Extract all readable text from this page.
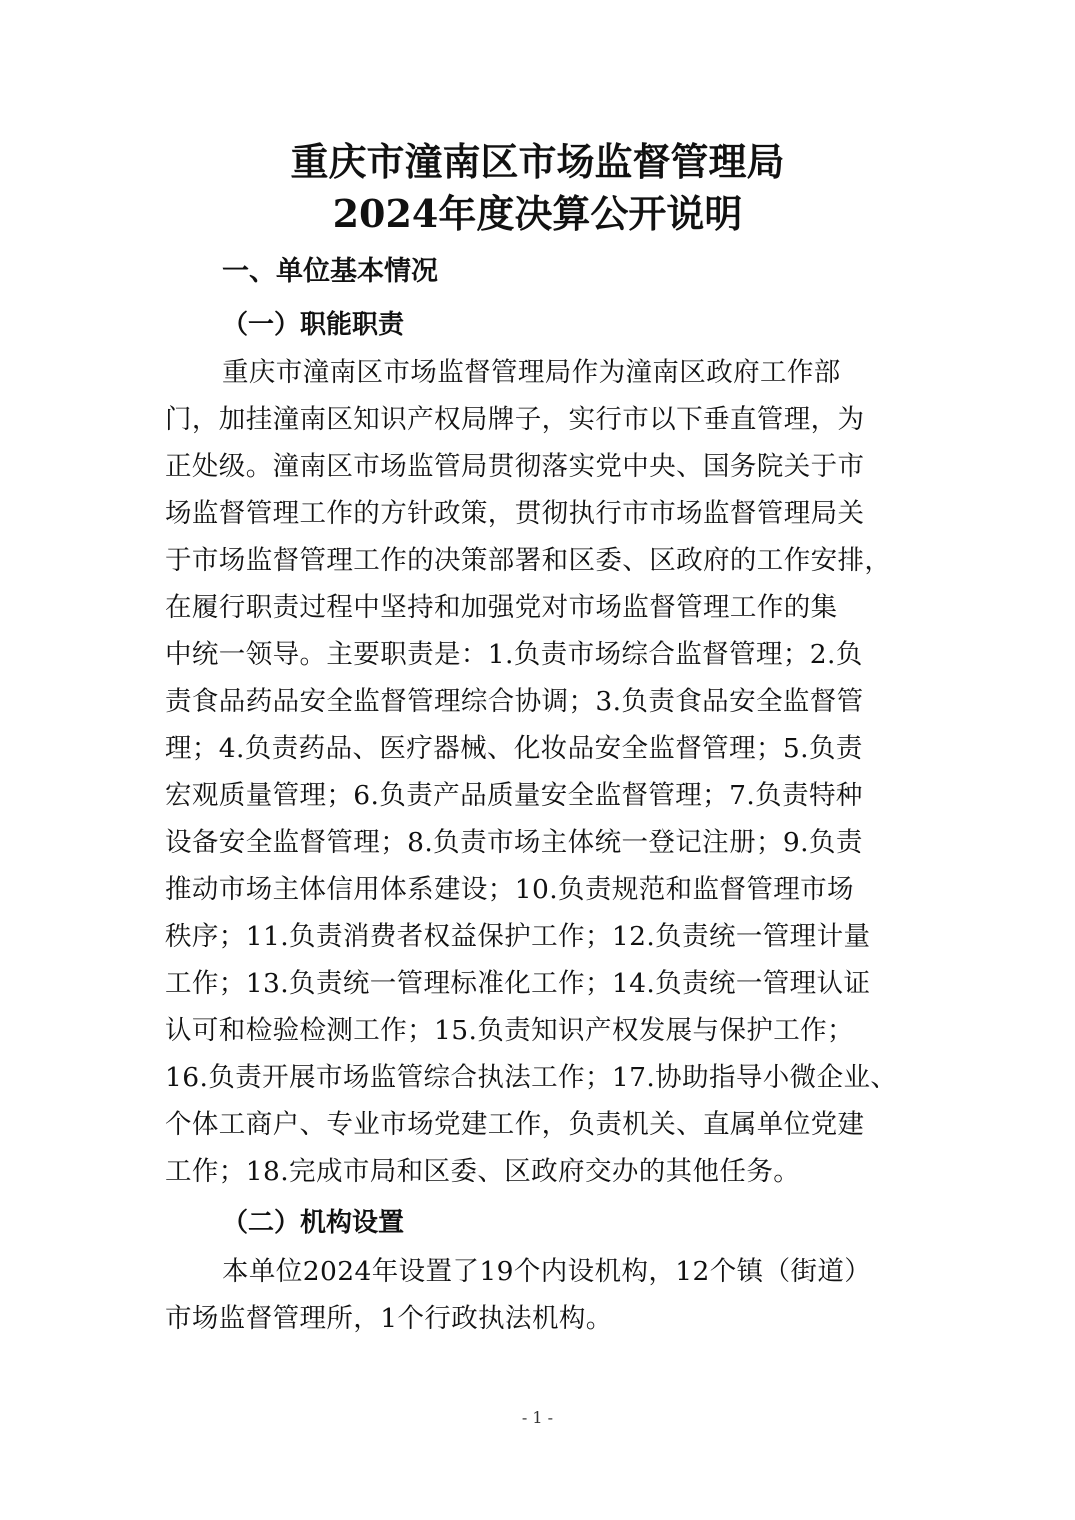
重庆市潼南区市场监督管理局
2024年度决算公开说明
一、单位基本情况
（一）职能职责
重庆市潼南区市场监督管理局作为潼南区政府工作部
门，加挂潼南区知识产权局牌子，实行市以下垂直管理，为
正处级。潼南区市场监管局贯彻落实党中央、国务院关于市
场监督管理工作的方针政策，贯彻执行市市场监督管理局关
于市场监督管理工作的决策部署和区委、区政府的工作安排，
在履行职责过程中坚持和加强党对市场监督管理工作的集
中统一领导。主要职责是：1.负责市场综合监督管理；2.负
责食品药品安全监督管理综合协调；3.负责食品安全监督管
理；4.负责药品、医疗器械、化妆品安全监督管理；5.负责
宏观质量管理；6.负责产品质量安全监督管理；7.负责特种
设备安全监督管理；8.负责市场主体统一登记注册；9.负责
推动市场主体信用体系建设；10.负责规范和监督管理市场
秩序；11.负责消费者权益保护工作；12.负责统一管理计量
工作；13.负责统一管理标准化工作；14.负责统一管理认证
认可和检验检测工作；15.负责知识产权发展与保护工作；
16.负责开展市场监管综合执法工作；17.协助指导小微企业、
个体工商户、专业市场党建工作，负责机关、直属单位党建
工作；18.完成市局和区委、区政府交办的其他任务。
（二）机构设置
本单位2024年设置了19个内设机构，12个镇（街道）
市场监督管理所，1个行政执法机构。
- 1 -
